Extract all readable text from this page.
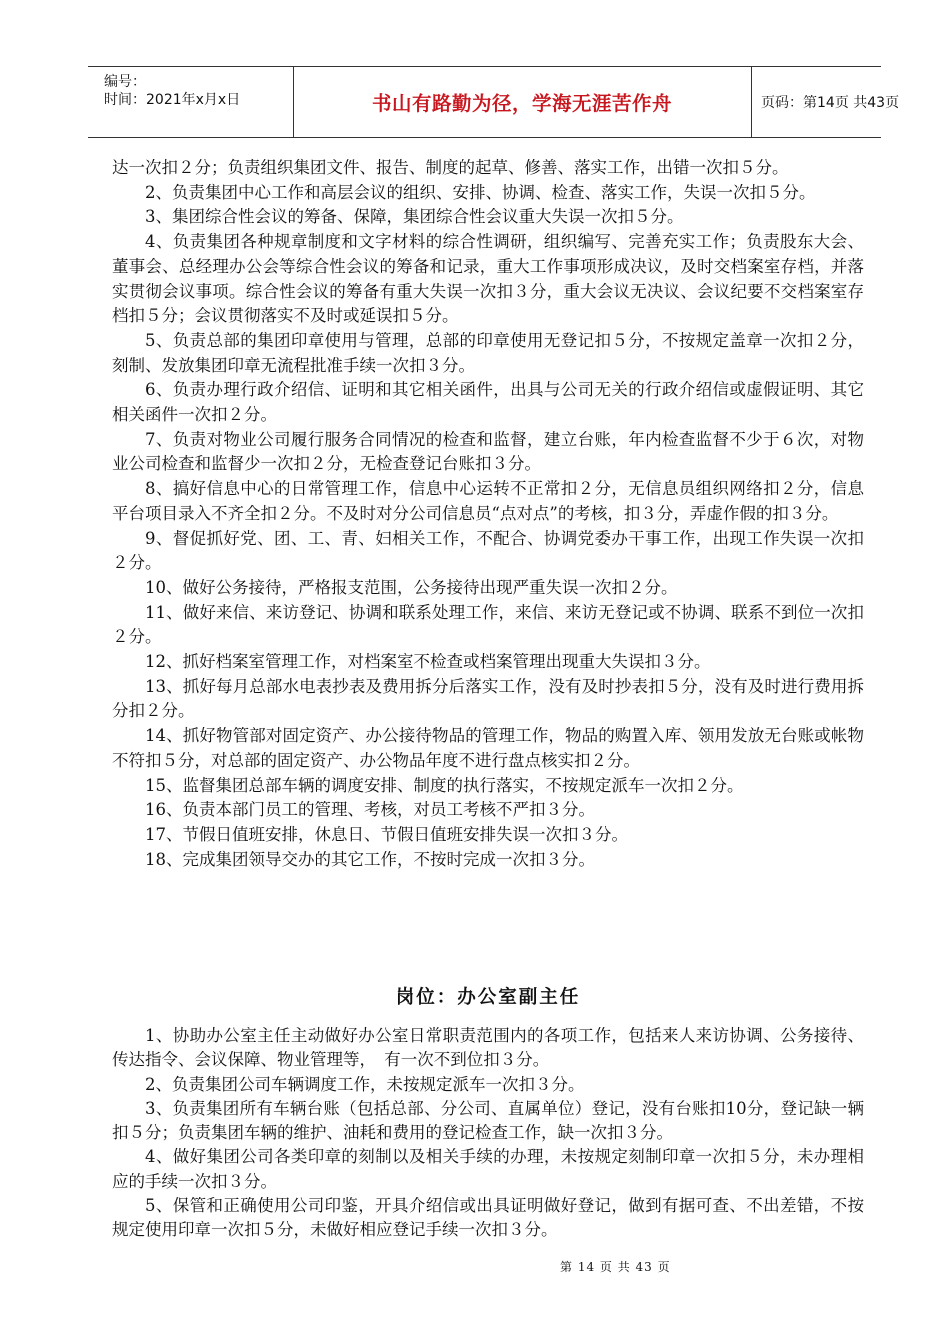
编号：
时间：2021年x月x日	书山有路勤为径，学海无涯苦作舟	页码：第14页 共43页

达一次扣２分；负责组织集团文件、报告、制度的起草、修善、落实工作，出错一次扣５分。

2、负责集团中心工作和高层会议的组织、安排、协调、检查、落实工作，失误一次扣５分。

3、集团综合性会议的筹备、保障，集团综合性会议重大失误一次扣５分。

4、负责集团各种规章制度和文字材料的综合性调研，组织编写、完善充实工作；负责股东大会、董事会、总经理办公会等综合性会议的筹备和记录，重大工作事项形成决议，及时交档案室存档，并落实贯彻会议事项。综合性会议的筹备有重大失误一次扣３分，重大会议无决议、会议纪要不交档案室存档扣５分；会议贯彻落实不及时或延误扣５分。

5、负责总部的集团印章使用与管理，总部的印章使用无登记扣５分，不按规定盖章一次扣２分，刻制、发放集团印章无流程批准手续一次扣３分。

6、负责办理行政介绍信、证明和其它相关函件，出具与公司无关的行政介绍信或虚假证明、其它相关函件一次扣２分。

7、负责对物业公司履行服务合同情况的检查和监督，建立台账，年内检查监督不少于６次，对物业公司检查和监督少一次扣２分，无检查登记台账扣３分。

8、搞好信息中心的日常管理工作，信息中心运转不正常扣２分，无信息员组织网络扣２分，信息平台项目录入不齐全扣２分。不及时对分公司信息员“点对点”的考核，扣３分，弄虚作假的扣３分。

9、督促抓好党、团、工、青、妇相关工作，不配合、协调党委办干事工作，出现工作失误一次扣２分。

10、做好公务接待，严格报支范围，公务接待出现严重失误一次扣２分。

11、做好来信、来访登记、协调和联系处理工作，来信、来访无登记或不协调、联系不到位一次扣２分。

12、抓好档案室管理工作，对档案室不检查或档案管理出现重大失误扣３分。

13、抓好每月总部水电表抄表及费用拆分后落实工作，没有及时抄表扣５分，没有及时进行费用拆分扣２分。

14、抓好物管部对固定资产、办公接待物品的管理工作，物品的购置入库、领用发放无台账或帐物不符扣５分，对总部的固定资产、办公物品年度不进行盘点核实扣２分。

15、监督集团总部车辆的调度安排、制度的执行落实，不按规定派车一次扣２分。

16、负责本部门员工的管理、考核，对员工考核不严扣３分。

17、节假日值班安排，休息日、节假日值班安排失误一次扣３分。

18、完成集团领导交办的其它工作，不按时完成一次扣３分。

岗位：办公室副主任

1、协助办公室主任主动做好办公室日常职责范围内的各项工作，包括来人来访协调、公务接待、传达指令、会议保障、物业管理等，　有一次不到位扣３分。

2、负责集团公司车辆调度工作，未按规定派车一次扣３分。

3、负责集团所有车辆台账（包括总部、分公司、直属单位）登记，没有台账扣10分，登记缺一辆扣５分；负责集团车辆的维护、油耗和费用的登记检查工作，缺一次扣３分。

4、做好集团公司各类印章的刻制以及相关手续的办理，未按规定刻制印章一次扣５分，未办理相应的手续一次扣３分。

5、保管和正确使用公司印鉴，开具介绍信或出具证明做好登记，做到有据可查、不出差错，不按规定使用印章一次扣５分，未做好相应登记手续一次扣３分。

第 14 页 共 43 页
